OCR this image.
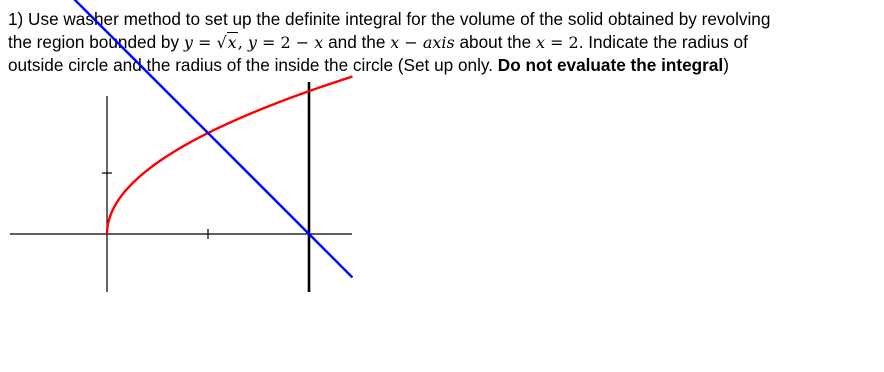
1) Use washer method to set up the definite integral for the volume of the solid obtained by revolving
the region bounded by y = √x, y = 2 − x and the x − axis about the x = 2. Indicate the radius of
outside circle and the radius of the inside the circle (Set up only. Do not evaluate the integral)
